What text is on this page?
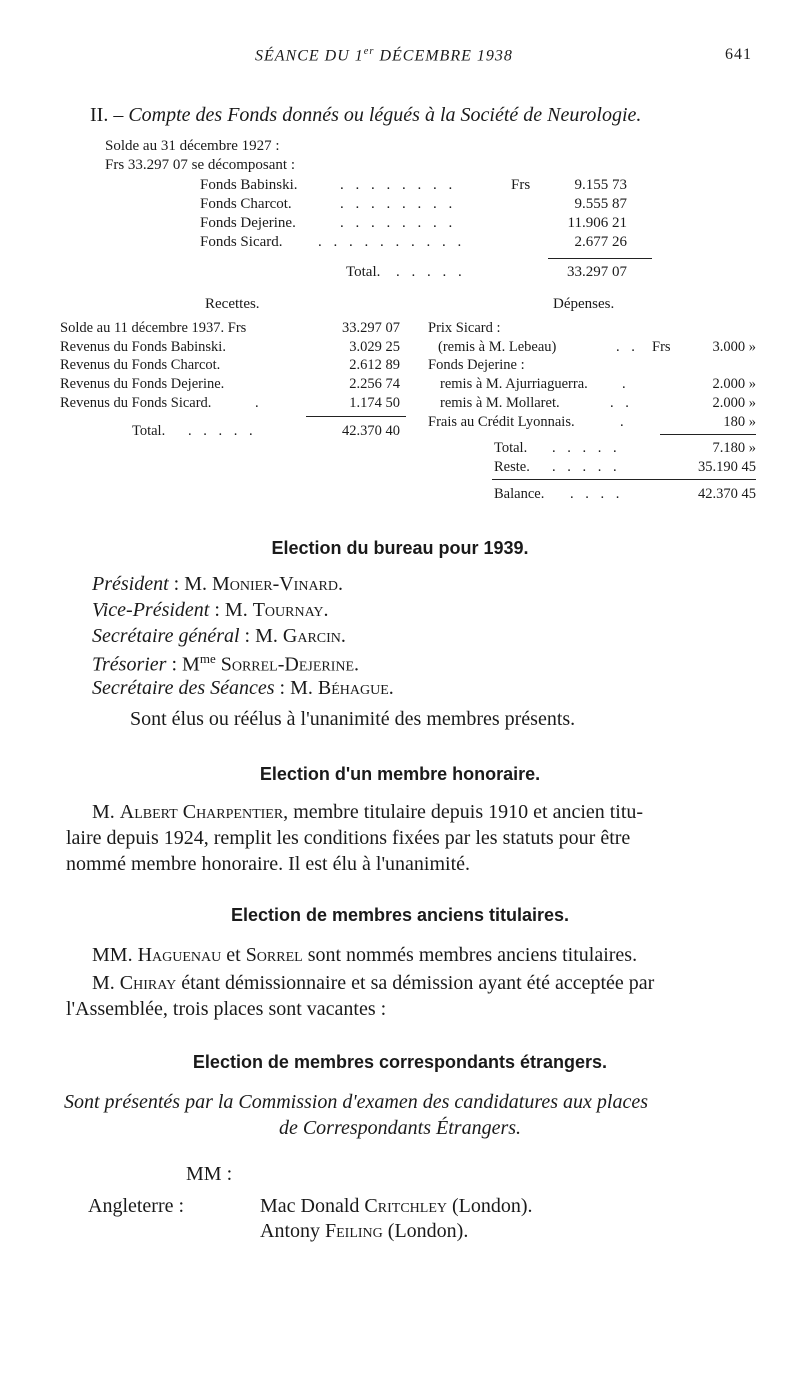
SÉANCE DU 1er DÉCEMBRE 1938	641
II. – Compte des Fonds donnés ou légués à la Société de Neurologie.
Solde au 31 décembre 1927 :
Frs 33.297 07 se décomposant :
Fonds Babinski.	. . . . . . . .	Frs	9.155 73
Fonds Charcot.	. . . . . . . .	9.555 87
Fonds Dejerine.	. . . . . . . .	11.906 21
Fonds Sicard. . . . . . . . . . .	2.677 26
Total. . . . . .	33.297 07
Recettes.
Solde au 11 décembre 1937. Frs	33.297 07
Revenus du Fonds Babinski.	3.029 25
Revenus du Fonds Charcot.	2.612 89
Revenus du Fonds Dejerine.	2.256 74
Revenus du Fonds Sicard.	.	1.174 50
Total. . . . . .	42.370 40
Dépenses.
Prix Sicard :
(remis à M. Lebeau)	. . Frs	3.000 »
Fonds Dejerine :
remis à M. Ajurriaguerra. .	2.000 »
remis à M. Mollaret.	. .	2.000 »
Frais au Crédit Lyonnais.	.	180 »
Total. . . . . .	7.180 »
Reste. . . . . .	35.190 45
Balance. . . . .	42.370 45
Election du bureau pour 1939.
Président : M. Monier-Vinard.
Vice-Président : M. Tournay.
Secrétaire général : M. Garcin.
Trésorier : $M^{me}$ Sorrel-Dejerine.
Secrétaire des Séances : M. Béhague.
Sont élus ou réélus à l'unanimité des membres présents.
Election d'un membre honoraire.
M. Albert Charpentier, membre titulaire depuis 1910 et ancien titu-
laire depuis 1924, remplit les conditions fixées par les statuts pour être
nommé membre honoraire. Il est élu à l'unanimité.
Election de membres anciens titulaires.
MM. Haguenau et Sorrel sont nommés membres anciens titulaires.
M. Chiray étant démissionnaire et sa démission ayant été acceptée par
l'Assemblée, trois places sont vacantes :
Election de membres correspondants étrangers.
Sont présentés par la Commission d'examen des candidatures aux places
de Correspondants Étrangers.
MM :
Angleterre :	Mac Donald Critchley (London).
Antony Feiling (London).
